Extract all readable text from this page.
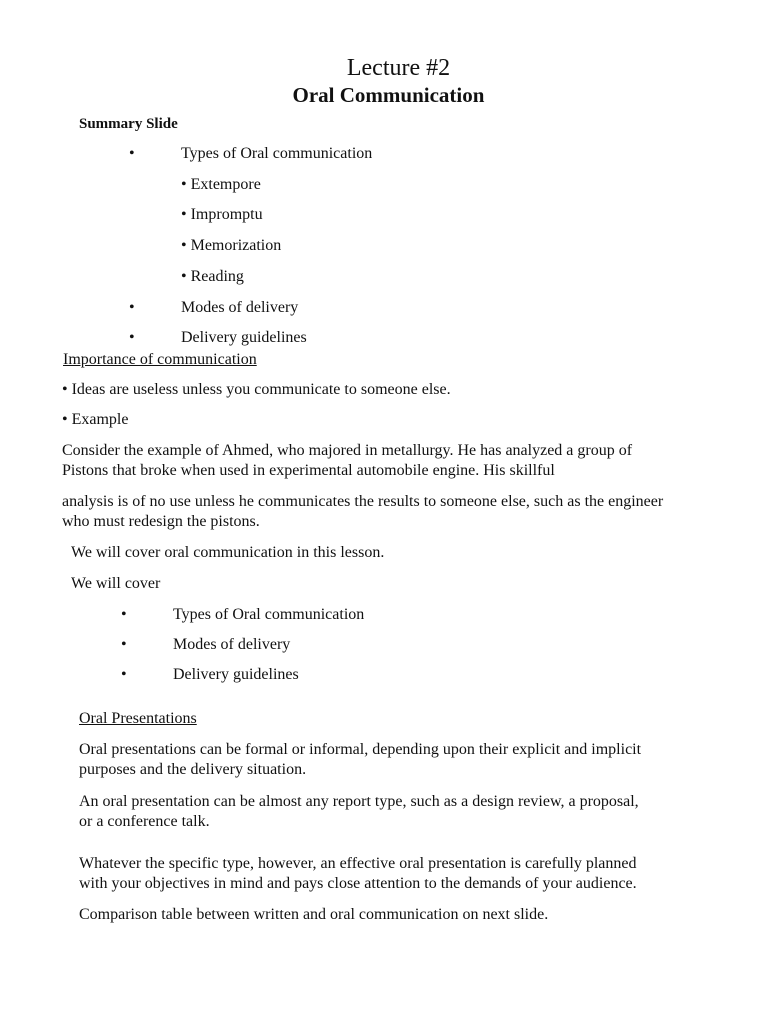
Lecture #2
Oral Communication
Summary Slide
•	Types of Oral communication
• Extempore
• Impromptu
• Memorization
• Reading
•	Modes of delivery
•	Delivery guidelines
Importance of communication
• Ideas are useless unless you communicate to someone else.
• Example
Consider the example of Ahmed, who majored in metallurgy. He has analyzed a group of
Pistons that broke when used in experimental automobile engine. His skillful
analysis is of no use unless he communicates the results to someone else, such as the engineer
who must redesign the pistons.
We will cover oral communication in this lesson.
We will cover
•	Types of Oral communication
•	Modes of delivery
•	Delivery guidelines
Oral Presentations
Oral presentations can be formal or informal, depending upon their explicit and implicit
purposes and the delivery situation.
An oral presentation can be almost any report type, such as a design review, a proposal,
or a conference talk.
Whatever the specific type, however, an effective oral presentation is carefully planned
with your objectives in mind and pays close attention to the demands of your audience.
Comparison table between written and oral communication on next slide.
